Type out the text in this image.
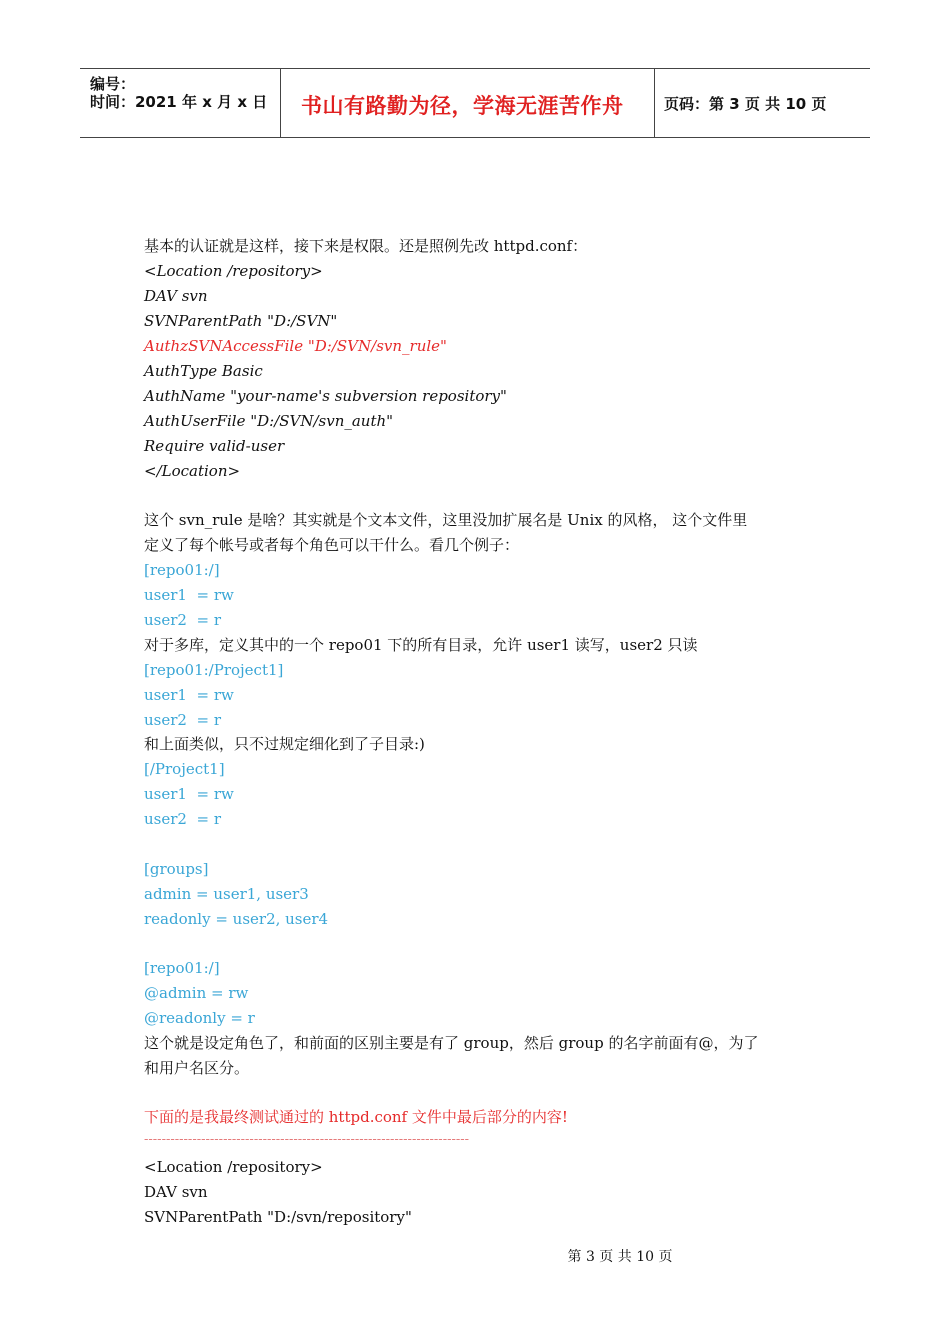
编号：
时间：2021 年 x 月 x 日 书山有路勤为径，学海无涯苦作舟	页码：第 3 页 共 10 页
基本的认证就是这样，接下来是权限。还是照例先改 httpd.conf：
<Location /repository>
DAV svn
SVNParentPath "D:/SVN"
AuthzSVNAccessFile "D:/SVN/svn_rule"
AuthType Basic
AuthName "your-name's subversion repository"
AuthUserFile "D:/SVN/svn_auth"
Require valid-user
</Location>
这个 svn_rule 是啥？其实就是个文本文件，这里没加扩展名是 Unix 的风格， 这个文件里
定义了每个帐号或者每个角色可以干什么。看几个例子：
[repo01:/]
user1  = rw
user2  = r
对于多库，定义其中的一个 repo01 下的所有目录，允许 user1 读写，user2 只读
[repo01:/Project1]
user1  = rw
user2  = r
和上面类似，只不过规定细化到了子目录:)
[/Project1]
user1  = rw
user2  = r
[groups]
admin = user1, user3
readonly = user2, user4
[repo01:/]
@admin = rw
@readonly = r
这个就是设定角色了，和前面的区别主要是有了 group，然后 group 的名字前面有@，为了
和用户名区分。
下面的是我最终测试通过的 httpd.conf 文件中最后部分的内容!
--------------------------------------------------------------------------
<Location /repository>
DAV svn
SVNParentPath "D:/svn/repository"
第 3 页 共 10 页
